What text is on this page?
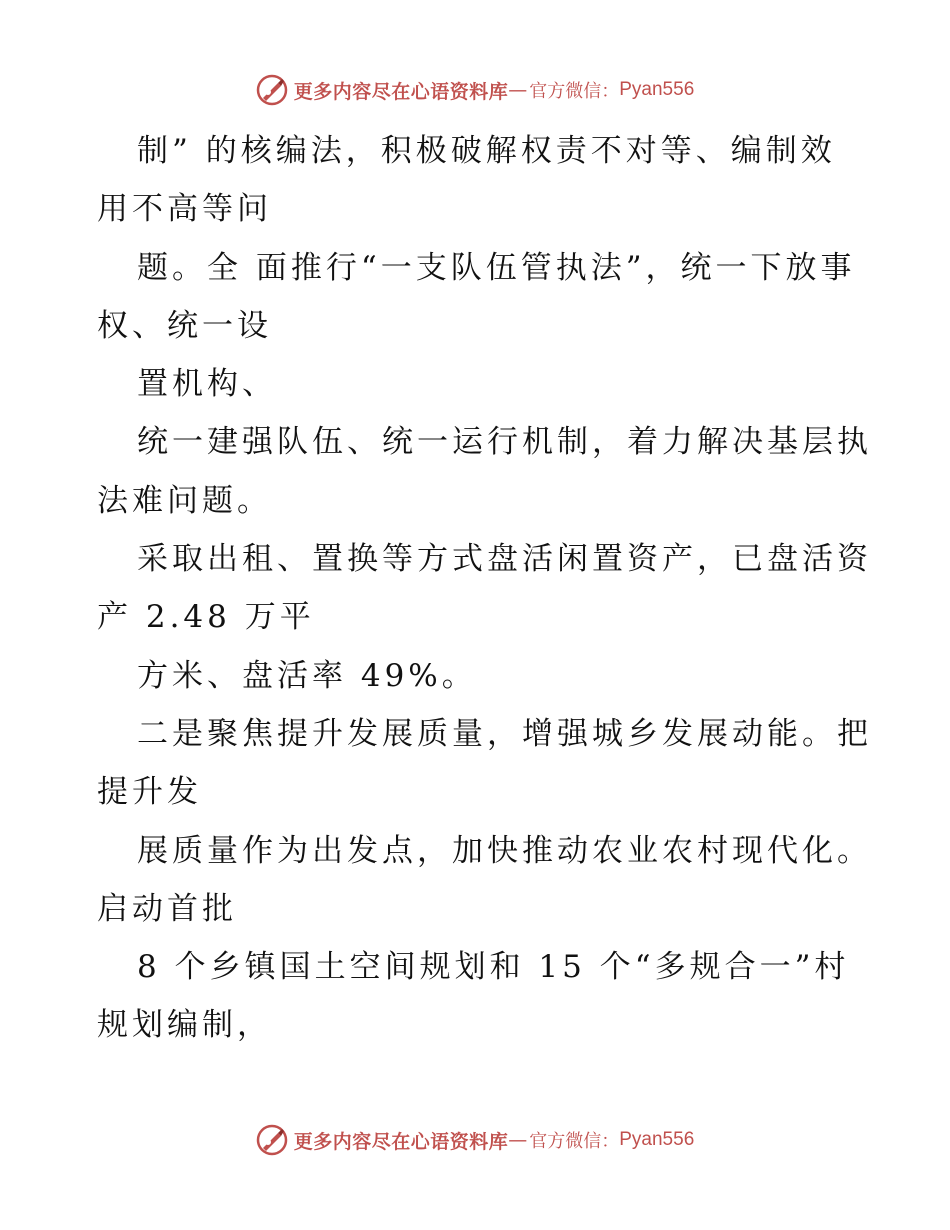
更多内容尽在心语资料库 — 官方微信： Pyan556
制” 的核编法，积极破解权责不对等、编制效
用不高等问
题。全 面推行“一支队伍管执法”，统一下放事
权、统一设
置机构、
统一建强队伍、统一运行机制，着力解决基层执
法难问题。
采取出租、置换等方式盘活闲置资产，已盘活资
产 2.48 万平
方米、盘活率 49%。
二是聚焦提升发展质量，增强城乡发展动能。把
提升发
展质量作为出发点，加快推动农业农村现代化。
启动首批
8 个乡镇国土空间规划和 15 个“多规合一”村
规划编制，
更多内容尽在心语资料库 — 官方微信： Pyan556
